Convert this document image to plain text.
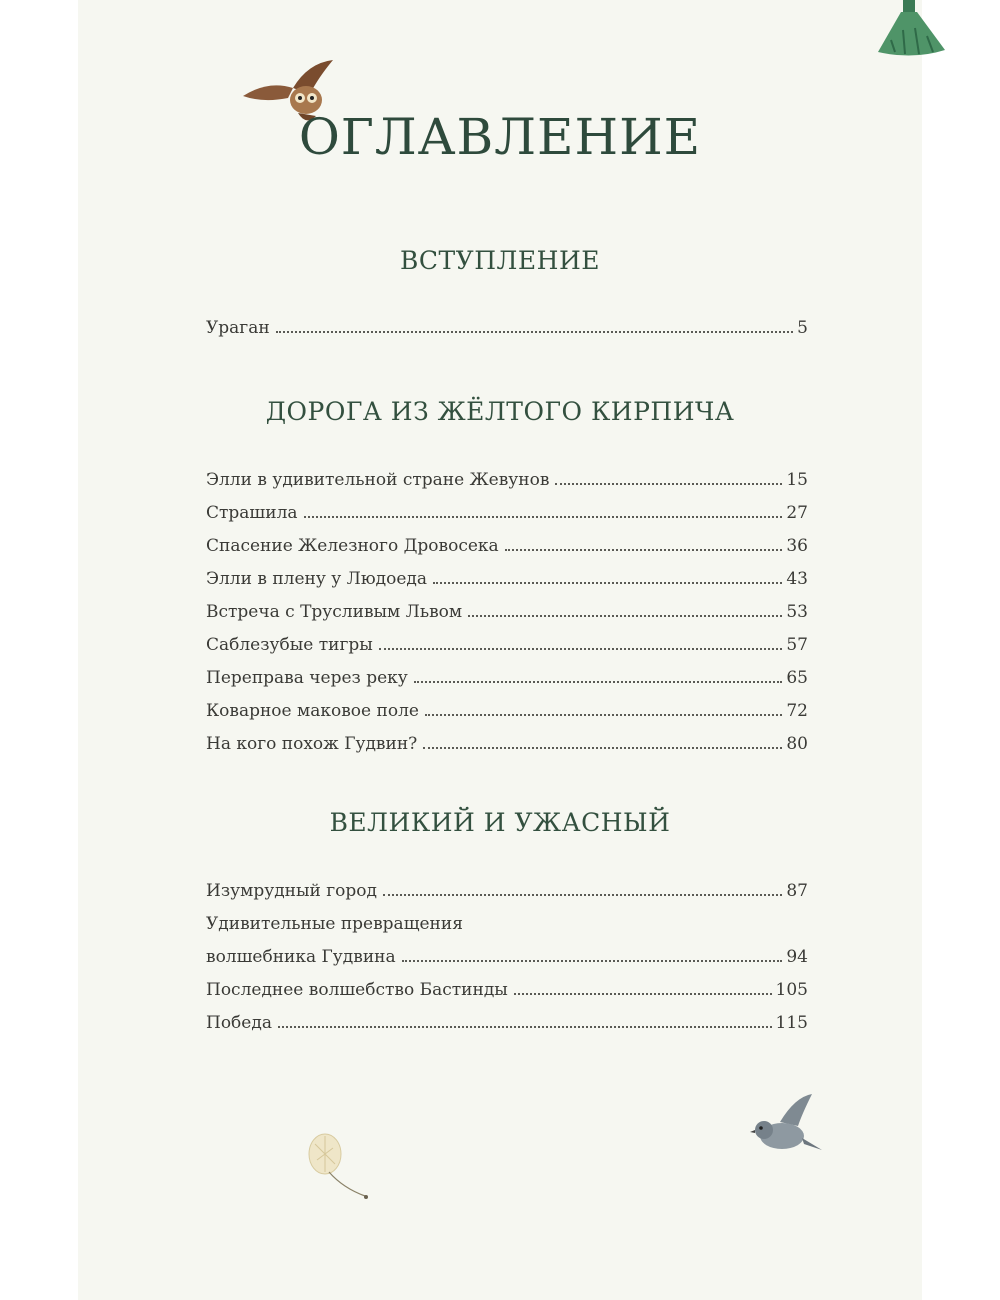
ОГЛАВЛЕНИЕ
ВСТУПЛЕНИЕ
Ураган	5
ДОРОГА ИЗ ЖЁЛТОГО КИРПИЧА
Элли в удивительной стране Жевунов	15
Страшила	27
Спасение Железного Дровосека	36
Элли в плену у Людоеда	43
Встреча с Трусливым Львом	53
Саблезубые тигры	57
Переправа через реку	65
Коварное маковое поле	72
На кого похож Гудвин?	80
ВЕЛИКИЙ И УЖАСНЫЙ
Изумрудный город	87
Удивительные превращения
волшебника Гудвина	94
Последнее волшебство Бастинды	105
Победа	115
